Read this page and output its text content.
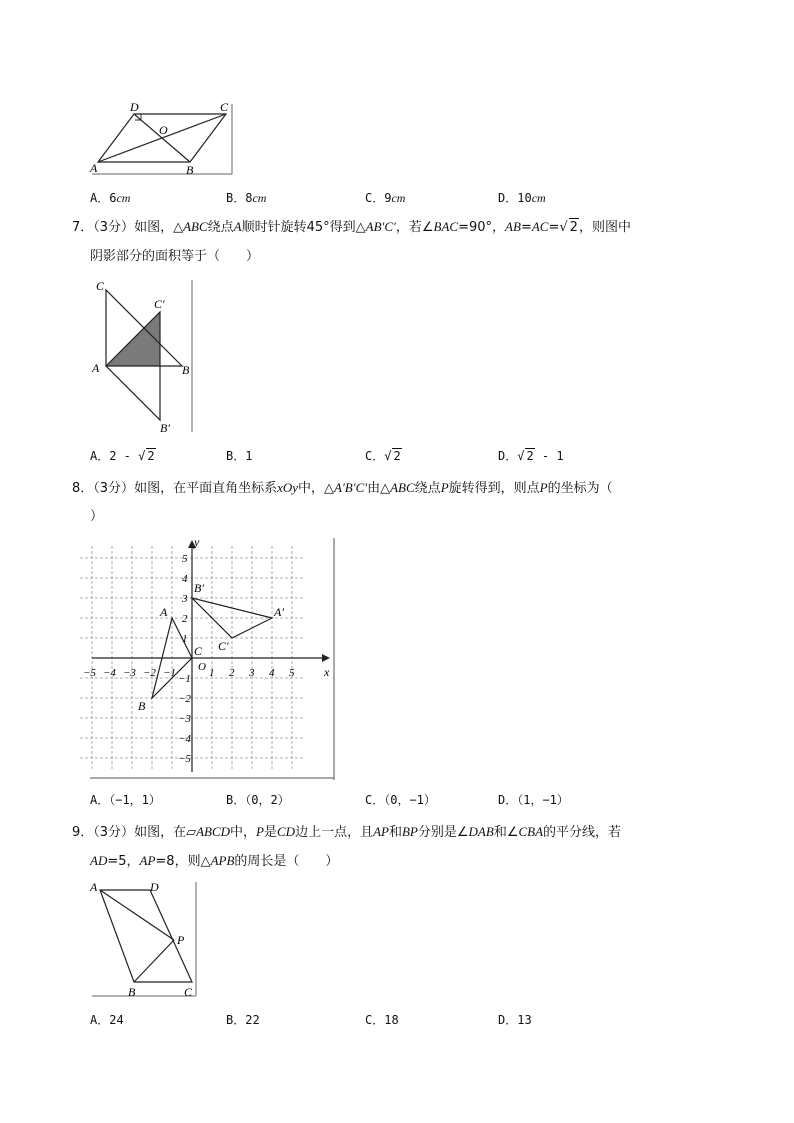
D	C
O
A	B
A．6cm	B．8cm	C．9cm	D．10cm
7．（3分）如图，△ABC绕点A顺时针旋转45°得到△AB′C′，若∠BAC=90°，AB=AC=√ 2，则图中
阴影部分的面积等于（　　）
C
C′
A	B
B′
A．2 - √ 2	B．1	C．√ 2	D．√ 2 - 1
8．（3分）如图，在平面直角坐标系xOy中，△A′B′C′由△ABC绕点P旋转得到，则点P的坐标为（
）
y
x
O
−5 −4 −3 −2 −1	1 2 3 4 5
5
4
3
2
1
−1
−2
−3
−4
−5
A
B
C
A′
B′
C′
A．（−1，1）	B．（0，2）	C．（0，−1）	D．（1，−1）
9．（3分）如图，在▱ABCD中，P是CD边上一点，且AP和BP分别是∠DAB和∠CBA的平分线，若
AD=5，AP=8，则△APB的周长是（　　）
A	D
P
B	C
A．24	B．22	C．18	D．13
